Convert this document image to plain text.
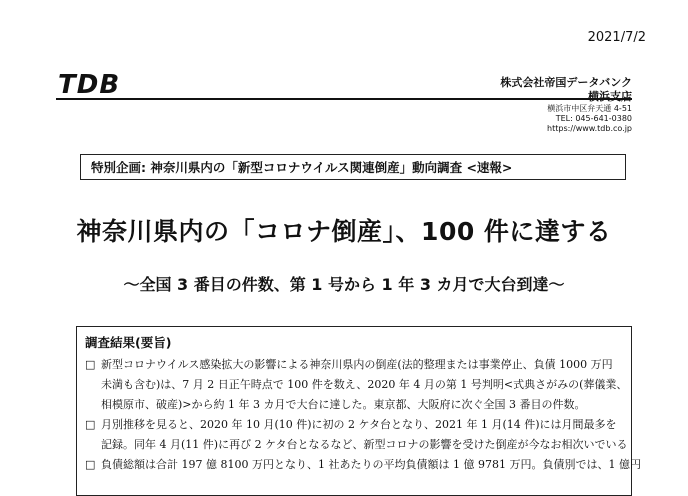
2021/7/2
TDB	株式会社帝国データバンク
横浜支店
横浜市中区弁天通 4-51
TEL: 045-641-0380
https://www.tdb.co.jp
特別企画: 神奈川県内の「新型コロナウイルス関連倒産」動向調査 <速報>
神奈川県内の「コロナ倒産」、100 件に達する
〜全国 3 番目の件数、第 1 号から 1 年 3 カ月で大台到達〜
調査結果(要旨)
□ 新型コロナウイルス感染拡大の影響による神奈川県内の倒産(法的整理または事業停止、負債 1000 万円
未満も含む)は、7 月 2 日正午時点で 100 件を数え、2020 年 4 月の第 1 号判明<式典さがみの(葬儀業、
相模原市、破産)>から約 1 年 3 カ月で大台に達した。東京都、大阪府に次ぐ全国 3 番目の件数。
□ 月別推移を見ると、2020 年 10 月(10 件)に初の 2 ケタ台となり、2021 年 1 月(14 件)には月間最多を
記録。同年 4 月(11 件)に再び 2 ケタ台となるなど、新型コロナの影響を受けた倒産が今なお相次いでいる
□ 負債総額は合計 197 億 8100 万円となり、1 社あたりの平均負債額は 1 億 9781 万円。負債別では、1 億円
